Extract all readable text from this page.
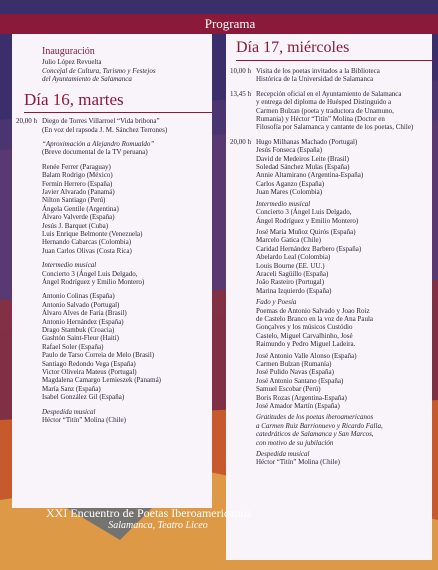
Programa
Inauguración
Julio López Revuelta
Concejal de Cultura, Turismo y Festejos
del Ayuntamiento de Salamanca
Día 16, martes
20,00 h Diego de Torres Villarroel “Vida bribona”
(En voz del rapsoda J. M. Sánchez Terrones)
“Aproximación a Alejandro Romualdo”
(Breve documental de la TV peruana)
Renée Ferrer (Paraguay)
Balam Rodrigo (México)
Fermín Herrero (España)
Javier Alvarado (Panamá)
Nilton Santiago (Perú)
Ángela Gentile (Argentina)
Álvaro Valverde (España)
Jesús J. Barquet (Cuba)
Luis Enrique Belmonte (Venezuela)
Hernando Cabarcas (Colombia)
Juan Carlos Olivas (Costa Rica)
Intermedio musical
Concierto 3 (Ángel Luis Delgado,
Ángel Rodríguez y Emilio Montero)
Antonio Colinas (España)
Antonio Salvado (Portugal)
Álvaro Alves de Faria (Brasil)
Antonio Hernández (España)
Drago Stambuk (Croacia)
Gashtón Saint-Fleur (Haití)
Rafael Soler (España)
Paulo de Tarso Correia de Melo (Brasil)
Santiago Redondo Vega (España)
Victor Oliveira Mateus (Portugal)
Magdalena Camargo Lemieszek (Panamá)
María Sanz (España)
Isabel González Gil (España)
Despedida musical
Héctor “Titín” Molina (Chile)
Día 17, miércoles
10,00 h Visita de los poetas invitados a la Biblioteca
Histórica de la Universidad de Salamanca
13,45 h Recepción oficial en el Ayuntamiento de Salamanca
y entrega del diploma de Huésped Distinguido a
Carmen Bulzan (poeta y traductora de Unamuno,
Rumania) y Héctor “Titín” Molina (Doctor en
Filosofía por Salamanca y cantante de los poetas, Chile)
20,00 h Hugo Milhanas Machado (Portugal)
Jesús Fonseca (España)
David de Medeiros Leite (Brasil)
Soledad Sánchez Mulas (España)
Annie Altamirano (Argentina-España)
Carlos Aganzo (España)
Juan Mares (Colombia)
Intermedio musical
Concierto 3 (Ángel Luis Delgado,
Ángel Rodríguez y Emilio Montero)
José María Muñoz Quirós (España)
Marcelo Gatica (Chile)
Caridad Hernández Barbero (España)
Abelardo Leal (Colombia)
Louis Bourne (EE. UU.)
Araceli Sagüillo (España)
João Rasteiro (Portugal)
Marina Izquierdo (España)
Fado y Poesía
Poemas de Antonio Salvado y Joao Roiz
de Castelo Branco en la voz de Ana Paula
Gonçalves y los músicos Custódio
Castelo, Miguel Carvalhinho, José
Raimundo y Pedro Miguel Ladeira.
José Antonio Valle Alonso (España)
Carmen Bulzan (Rumanía)
José Pulido Navas (España)
José Antonio Santano (España)
Samuel Escobar (Perú)
Boris Rozas (Argentina-España)
José Amador Martín (España)
Gratitudes de los poetas iberoamericanos
a Carmen Ruiz Barrionuevo y Ricardo Falla,
catedráticos de Salamanca y San Marcos,
con motivo de su jubilación
Despedida musical
Héctor “Titín” Molina (Chile)
XXI Encuentro de Poetas Iberoamericanos
Salamanca, Teatro Liceo
